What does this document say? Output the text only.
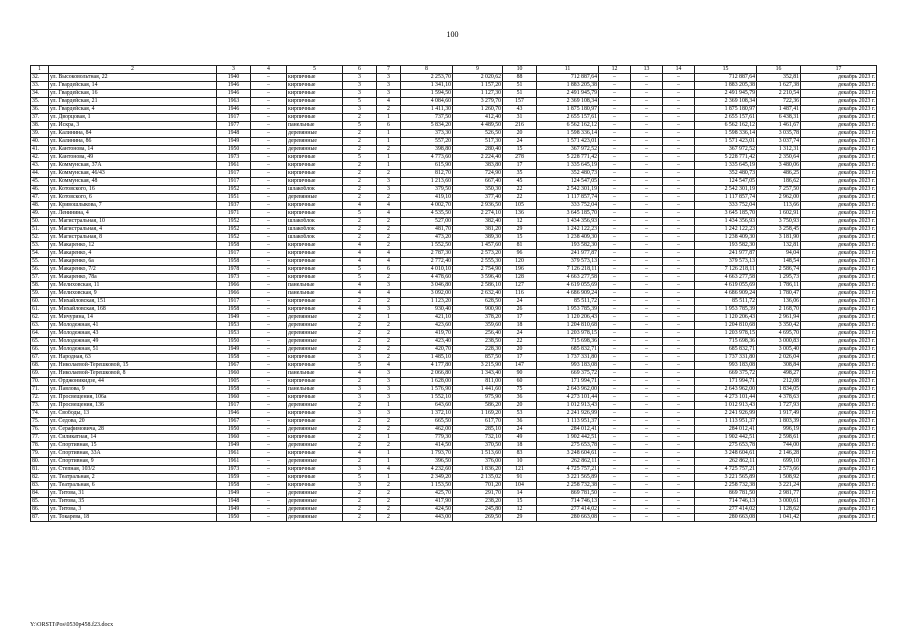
100
1	2	3	4	5	6	7	8	9	10	11	12	13	14	15	16	17
32.	ул. Высоковольтная, 22	1940	–	кирпичные	3	3	2 253,70	2 020,62	88	712 887,64	–	–	–	712 887,64	352,81	декабрь 2023 г.
33.	ул. Гвардейская, 14	1946	–	кирпичные	3	3	1 341,10	1 157,20	51	1 883 205,38	–	–	–	1 883 205,38	1 627,38	декабрь 2023 г.
34.	ул. Гвардейская, 16	1946	–	кирпичные	3	3	1 594,50	1 127,30	51	2 491 945,79	–	–	–	2 491 945,79	2 210,54	декабрь 2023 г.
35.	ул. Гвардейская, 21	1963	–	кирпичные	5	4	4 084,60	3 279,70	157	2 369 108,34	–	–	–	2 369 108,34	722,36	декабрь 2023 г.
36.	ул. Гвардейская, 4	1946	–	кирпичные	3	2	1 411,30	1 260,70	43	1 875 180,97	–	–	–	1 875 180,97	1 487,41	декабрь 2023 г.
37.	ул. Дворцовая, 1	1917	–	кирпичные	2	1	737,50	412,40	31	2 655 157,61	–	–	–	2 655 157,61	6 438,31	декабрь 2023 г.
38.	ул. Искра, 3	1977	–	панельные	5	6	5 834,20	4 489,50	216	6 562 162,12	–	–	–	6 562 162,12	1 461,67	декабрь 2023 г.
39.	ул. Калинина, 84	1948	–	деревянные	2	1	373,30	526,50	20	1 598 336,14	–	–	–	1 598 336,14	3 035,78	декабрь 2023 г.
40.	ул. Калинина, 86	1949	–	деревянные	2	1	557,20	517,30	24	1 571 423,01	–	–	–	1 571 423,01	3 037,74	декабрь 2023 г.
41.	ул. Кантонова, 14	1950	–	деревянные	2	2	398,80	280,40	15	367 972,52	–	–	–	367 972,52	1 312,31	декабрь 2023 г.
42.	ул. Кантонова, 49	1973	–	кирпичные	5	1	4 773,60	2 224,40	278	5 228 771,42	–	–	–	5 228 771,42	2 350,64	декабрь 2023 г.
43.	ул. Коммунская, 37А	1961	–	кирпичные	2	1	615,90	383,80	17	1 335 645,19	–	–	–	1 335 645,19	3 480,06	декабрь 2023 г.
44.	ул. Коммунская, 46/43	1917	–	кирпичные	2	2	812,70	724,90	35	352 480,73	–	–	–	352 480,73	486,25	декабрь 2023 г.
45.	ул. Коммунская, 48	1917	–	кирпичные	2	3	1 213,60	667,40	45	124 547,05	–	–	–	124 547,05	186,62	декабрь 2023 г.
46.	ул. Котовского, 16	1952	–	шлакоблок	2	3	379,50	350,30	22	2 542 301,19	–	–	–	2 542 301,19	7 257,50	декабрь 2023 г.
47.	ул. Котовского, 6	1951	–	деревянные	2	2	419,10	377,40	22	1 117 857,74	–	–	–	1 117 857,74	2 962,00	декабрь 2023 г.
48.	ул. Кривошлыкова, 7	1937	–	кирпичные	4	4	4 002,70	2 936,50	105	333 752,04	–	–	–	333 752,04	113,66	декабрь 2023 г.
49.	ул. Ленинина, 4	1971	–	кирпичные	5	4	4 535,50	2 274,10	136	3 645 185,70	–	–	–	3 645 185,70	1 602,91	декабрь 2023 г.
50.	ул. Магистральная, 10	1952	–	шлакоблок	2	2	527,00	382,40	12	1 434 356,93	–	–	–	1 434 356,93	3 750,93	декабрь 2023 г.
51.	ул. Магистральная, 4	1952	–	шлакоблок	2	2	481,70	381,20	29	1 242 122,23	–	–	–	1 242 122,23	3 258,45	декабрь 2023 г.
52.	ул. Магистральная, 8	1952	–	шлакоблок	2	2	473,20	389,30	15	1 238 409,30	–	–	–	1 238 409,30	3 181,90	декабрь 2023 г.
53.	ул. Макаренко, 12	1958	–	кирпичные	4	2	1 552,50	1 457,60	81	193 582,30	–	–	–	193 582,30	132,81	декабрь 2023 г.
54.	ул. Макаренко, 4	1917	–	кирпичные	4	4	2 787,30	2 573,20	96	241 977,87	–	–	–	241 977,87	94,04	декабрь 2023 г.
55.	ул. Макаренко, 6а	1958	–	кирпичные	4	4	2 772,40	2 555,30	120	379 573,13	–	–	–	379 573,13	148,54	декабрь 2023 г.
56.	ул. Макаренко, 7/2	1978	–	кирпичные	5	6	4 010,10	2 754,90	196	7 126 218,11	–	–	–	7 126 218,11	2 586,74	декабрь 2023 г.
57.	ул. Макаренко, 78а	1973	–	кирпичные	5	2	4 478,60	3 596,40	128	4 663 277,58	–	–	–	4 663 277,58	1 295,73	декабрь 2023 г.
58.	ул. Мелиховская, 11	1966	–	панельные	4	3	3 046,80	2 586,10	127	4 619 055,69	–	–	–	4 619 055,69	1 786,11	декабрь 2023 г.
59.	ул. Мелиховская, 9	1966	–	панельные	4	4	3 092,00	2 632,40	116	4 686 909,24	–	–	–	4 686 909,24	1 780,47	декабрь 2023 г.
60.	ул. Михайловская, 151	1917	–	кирпичные	2	2	1 123,20	628,50	24	85 511,72	–	–	–	85 511,72	136,06	декабрь 2023 г.
61.	ул. Михайловская, 168	1958	–	кирпичные	4	3	930,40	900,90	26	1 953 785,39	–	–	–	1 953 785,39	2 168,70	декабрь 2023 г.
62.	ул. Мичурина, 14	1949	–	деревянные	2	1	421,10	378,20	17	1 120 206,43	–	–	–	1 120 206,43	2 961,94	декабрь 2023 г.
63.	ул. Молодежная, 41	1953	–	деревянные	2	2	423,60	359,60	18	1 204 810,68	–	–	–	1 204 810,68	3 350,42	декабрь 2023 г.
64.	ул. Молодежная, 43	1953	–	деревянные	2	2	419,70	256,40	24	1 203 978,15	–	–	–	1 203 978,15	4 695,70	декабрь 2023 г.
65.	ул. Молодежная, 49	1950	–	деревянные	2	2	423,40	238,50	22	715 698,36	–	–	–	715 698,36	3 000,83	декабрь 2023 г.
66.	ул. Молодежная, 51	1949	–	деревянные	2	2	420,70	228,30	20	685 832,71	–	–	–	685 832,71	3 005,40	декабрь 2023 г.
67.	ул. Народная, 63	1958	–	кирпичные	3	2	1 485,10	857,50	17	1 737 331,80	–	–	–	1 737 331,80	2 026,04	декабрь 2023 г.
68.	ул. Николаевой-Терешковой, 15	1967	–	кирпичные	5	4	4 177,80	3 215,90	147	993 183,08	–	–	–	993 183,08	308,84	декабрь 2023 г.
69.	ул. Николаевой-Терешковой, 8	1960	–	панельные	4	3	2 066,80	1 343,40	90	669 375,72	–	–	–	669 375,72	498,27	декабрь 2023 г.
70.	ул. Орджоникидзе, 44	1905	–	кирпичные	2	3	1 628,00	811,00	60	171 994,71	–	–	–	171 994,71	212,08	декабрь 2023 г.
71.	ул. Павлова, 9	1958	–	панельные	3	3	1 576,90	1 441,60	75	2 643 962,00	–	–	–	2 643 962,00	1 834,05	декабрь 2023 г.
72.	ул. Просвещения, 106а	1960	–	кирпичные	3	3	1 552,10	975,90	36	4 273 101,44	–	–	–	4 273 101,44	4 378,63	декабрь 2023 г.
73.	ул. Просвещения, 136	1917	–	деревянные	2	1	643,60	586,20	20	1 012 913,43	–	–	–	1 012 913,43	1 727,93	декабрь 2023 г.
74.	ул. Свободы, 13	1946	–	кирпичные	3	3	1 372,10	1 169,20	53	2 241 926,99	–	–	–	2 241 926,99	1 917,49	декабрь 2023 г.
75.	ул. Седова, 20	1967	–	кирпичные	2	2	665,50	617,70	36	1 113 951,37	–	–	–	1 113 951,37	1 803,39	декабрь 2023 г.
76.	ул. Серафимовича, 28	1950	–	деревянные	2	2	462,00	285,10	24	284 012,41	–	–	–	284 012,41	996,19	декабрь 2023 г.
77.	ул. Силикатная, 14	1960	–	кирпичные	2	1	779,30	732,10	49	1 902 442,51	–	–	–	1 902 442,51	2 598,61	декабрь 2023 г.
78.	ул. Спортивная, 15	1949	–	деревянные	2	2	414,50	370,50	18	275 653,78	–	–	–	275 653,78	744,00	декабрь 2023 г.
79.	ул. Спортивная, 33А	1961	–	кирпичные	4	1	1 793,70	1 513,60	83	3 248 604,61	–	–	–	3 248 604,61	2 146,28	декабрь 2023 г.
80.	ул. Спортивная, 9	1961	–	деревянные	2	1	396,50	376,00	10	262 862,11	–	–	–	262 862,11	699,10	декабрь 2023 г.
81.	ул. Степная, 103/2	1973	–	кирпичные	3	4	4 232,60	1 836,20	121	4 725 757,21	–	–	–	4 725 757,21	2 573,66	декабрь 2023 г.
82.	ул. Театральная, 2	1959	–	кирпичные	5	1	2 349,20	2 135,02	91	3 221 565,89	–	–	–	3 221 565,89	1 508,92	декабрь 2023 г.
83.	ул. Театральная, 6	1958	–	кирпичные	3	2	1 153,50	701,20	104	2 258 732,38	–	–	–	2 258 732,38	3 221,24	декабрь 2023 г.
84.	ул. Титова, 31	1949	–	деревянные	2	2	425,70	291,70	14	869 781,50	–	–	–	869 781,50	2 981,77	декабрь 2023 г.
85.	ул. Титова, 35	1948	–	деревянные	2	2	417,90	238,20	15	714 746,13	–	–	–	714 746,13	3 000,61	декабрь 2023 г.
86.	ул. Титова, 3	1949	–	деревянные	2	2	424,50	245,80	12	277 414,02	–	–	–	277 414,02	1 128,62	декабрь 2023 г.
87.	ул. Токарева, 18	1950	–	деревянные	2	2	443,00	269,50	29	280 663,08	–	–	–	280 663,08	1 041,42	декабрь 2023 г.
Y:\ORSTI\Pos\0530p458.f23.docx
